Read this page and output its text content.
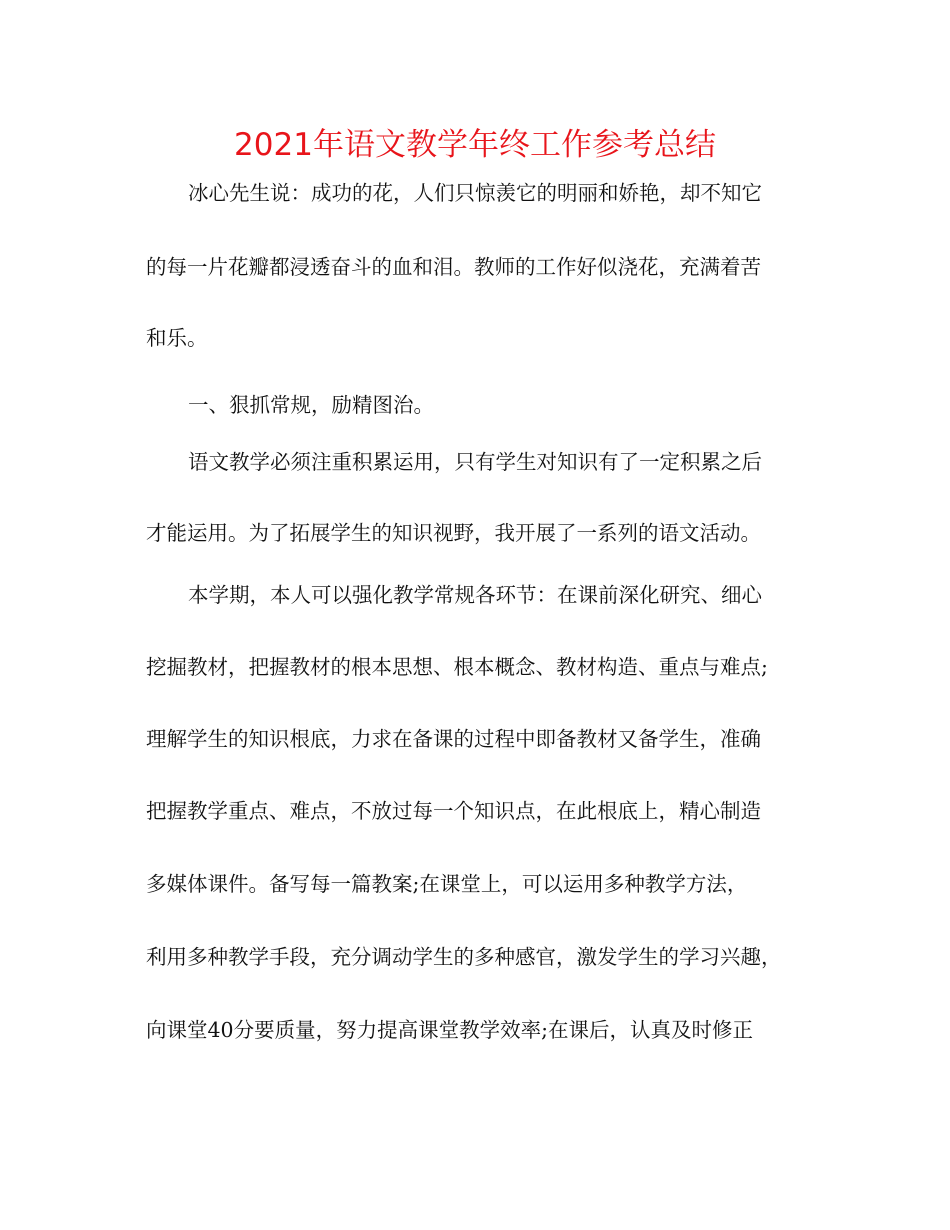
2021年语文教学年终工作参考总结
冰心先生说：成功的花，人们只惊羡它的明丽和娇艳，却不知它
的每一片花瓣都浸透奋斗的血和泪。教师的工作好似浇花，充满着苦
和乐。
一、狠抓常规，励精图治。
语文教学必须注重积累运用，只有学生对知识有了一定积累之后
才能运用。为了拓展学生的知识视野，我开展了一系列的语文活动。
本学期，本人可以强化教学常规各环节：在课前深化研究、细心
挖掘教材，把握教材的根本思想、根本概念、教材构造、重点与难点;
理解学生的知识根底，力求在备课的过程中即备教材又备学生，准确
把握教学重点、难点，不放过每一个知识点，在此根底上，精心制造
多媒体课件。备写每一篇教案;在课堂上，可以运用多种教学方法，
利用多种教学手段，充分调动学生的多种感官，激发学生的学习兴趣，
向课堂40分要质量，努力提高课堂教学效率;在课后，认真及时修正
